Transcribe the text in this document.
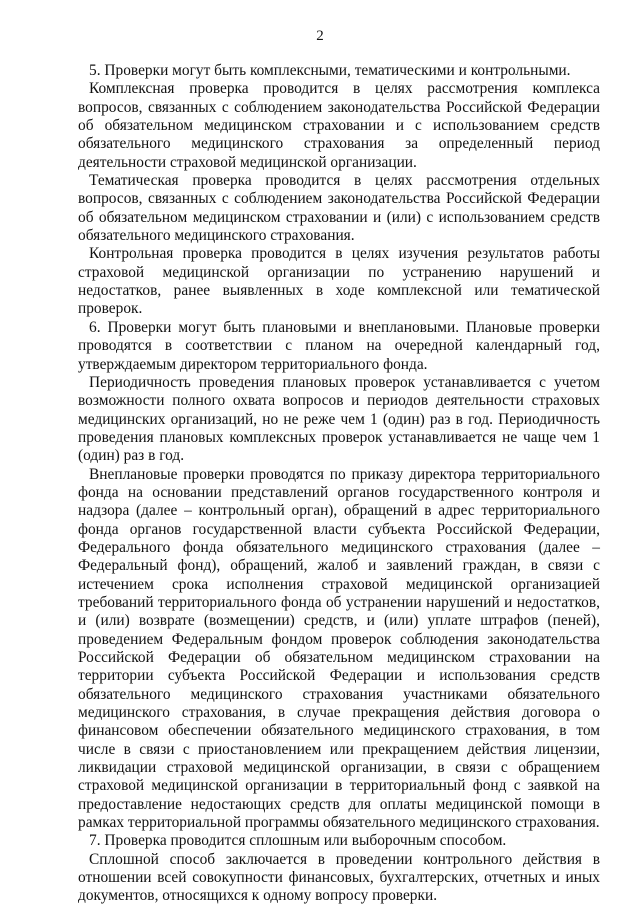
2

5. Проверки могут быть комплексными, тематическими и контрольными.

Комплексная проверка проводится в целях рассмотрения комплекса вопросов, связанных с соблюдением законодательства Российской Федерации об обязательном медицинском страховании и с использованием средств обязательного медицинского страхования за определенный период деятельности страховой медицинской организации.

Тематическая проверка проводится в целях рассмотрения отдельных вопросов, связанных с соблюдением законодательства Российской Федерации об обязательном медицинском страховании и (или) с использованием средств обязательного медицинского страхования.

Контрольная проверка проводится в целях изучения результатов работы страховой медицинской организации по устранению нарушений и недостатков, ранее выявленных в ходе комплексной или тематической проверок.

6. Проверки могут быть плановыми и внеплановыми. Плановые проверки проводятся в соответствии с планом на очередной календарный год, утверждаемым директором территориального фонда.

Периодичность проведения плановых проверок устанавливается с учетом возможности полного охвата вопросов и периодов деятельности страховых медицинских организаций, но не реже чем 1 (один) раз в год. Периодичность проведения плановых комплексных проверок устанавливается не чаще чем 1 (один) раз в год.

Внеплановые проверки проводятся по приказу директора территориального фонда на основании представлений органов государственного контроля и надзора (далее – контрольный орган), обращений в адрес территориального фонда органов государственной власти субъекта Российской Федерации, Федерального фонда обязательного медицинского страхования (далее – Федеральный фонд), обращений, жалоб и заявлений граждан, в связи с истечением срока исполнения страховой медицинской организацией требований территориального фонда об устранении нарушений и недостатков, и (или) возврате (возмещении) средств, и (или) уплате штрафов (пеней), проведением Федеральным фондом проверок соблюдения законодательства Российской Федерации об обязательном медицинском страховании на территории субъекта Российской Федерации и использования средств обязательного медицинского страхования участниками обязательного медицинского страхования, в случае прекращения действия договора о финансовом обеспечении обязательного медицинского страхования, в том числе в связи с приостановлением или прекращением действия лицензии, ликвидации страховой медицинской организации, в связи с обращением страховой медицинской организации в территориальный фонд с заявкой на предоставление недостающих средств для оплаты медицинской помощи в рамках территориальной программы обязательного медицинского страхования.

7. Проверка проводится сплошным или выборочным способом.

Сплошной способ заключается в проведении контрольного действия в отношении всей совокупности финансовых, бухгалтерских, отчетных и иных документов, относящихся к одному вопросу проверки.
